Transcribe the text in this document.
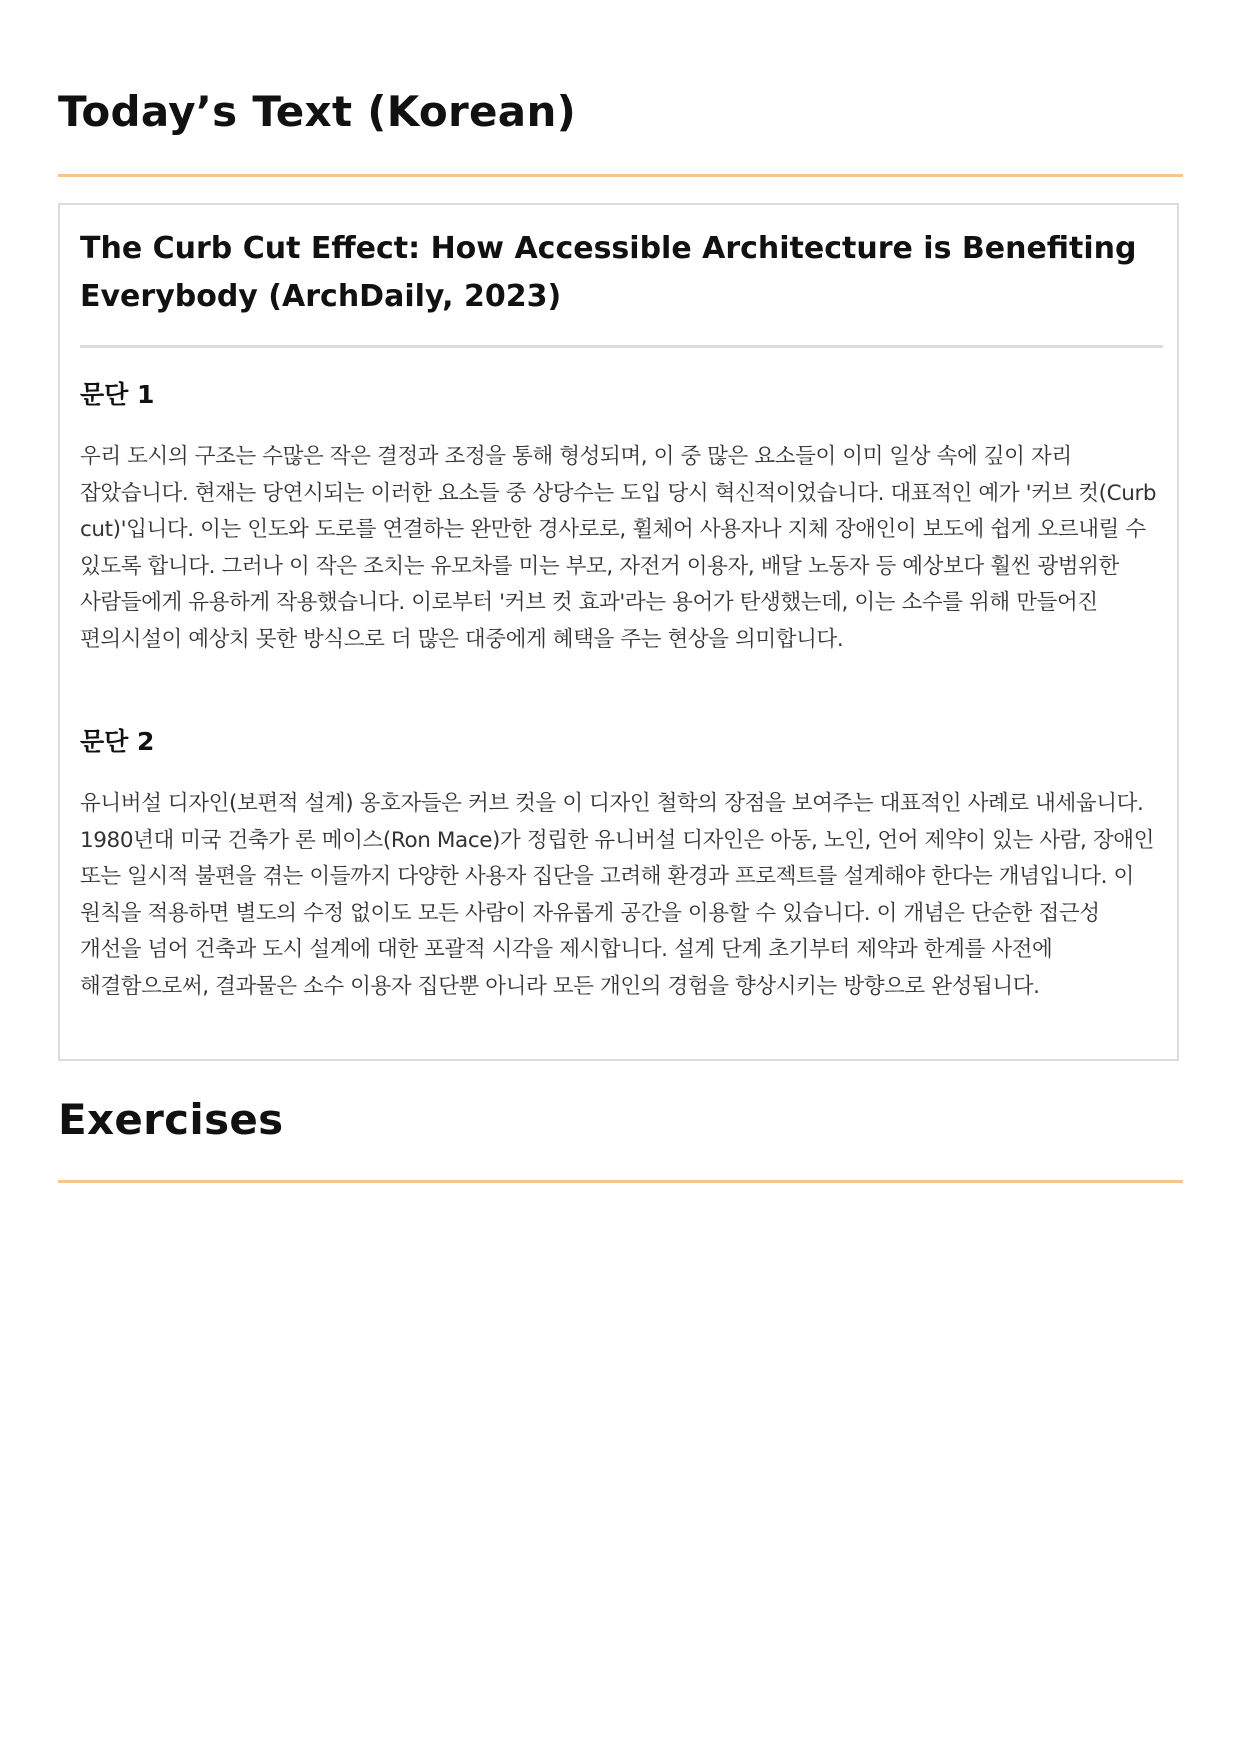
Today’s Text (Korean)
The Curb Cut Effect: How Accessible Architecture is Benefiting Everybody (ArchDaily, 2023)
문단 1

우리 도시의 구조는 수많은 작은 결정과 조정을 통해 형성되며, 이 중 많은 요소들이 이미 일상 속에 깊이 자리 잡았습니다. 현재는 당연시되는 이러한 요소들 중 상당수는 도입 당시 혁신적이었습니다. 대표적인 예가 '커브 컷(Curb cut)'입니다. 이는 인도와 도로를 연결하는 완만한 경사로로, 휠체어 사용자나 지체 장애인이 보도에 쉽게 오르내릴 수 있도록 합니다. 그러나 이 작은 조치는 유모차를 미는 부모, 자전거 이용자, 배달 노동자 등 예상보다 훨씬 광범위한 사람들에게 유용하게 작용했습니다. 이로부터 '커브 컷 효과'라는 용어가 탄생했는데, 이는 소수를 위해 만들어진 편의시설이 예상치 못한 방식으로 더 많은 대중에게 혜택을 주는 현상을 의미합니다.

문단 2

유니버설 디자인(보편적 설계) 옹호자들은 커브 컷을 이 디자인 철학의 장점을 보여주는 대표적인 사례로 내세웁니다. 1980년대 미국 건축가 론 메이스(Ron Mace)가 정립한 유니버설 디자인은 아동, 노인, 언어 제약이 있는 사람, 장애인 또는 일시적 불편을 겪는 이들까지 다양한 사용자 집단을 고려해 환경과 프로젝트를 설계해야 한다는 개념입니다. 이 원칙을 적용하면 별도의 수정 없이도 모든 사람이 자유롭게 공간을 이용할 수 있습니다. 이 개념은 단순한 접근성 개선을 넘어 건축과 도시 설계에 대한 포괄적 시각을 제시합니다. 설계 단계 초기부터 제약과 한계를 사전에 해결함으로써, 결과물은 소수 이용자 집단뿐 아니라 모든 개인의 경험을 향상시키는 방향으로 완성됩니다.

Exercises
